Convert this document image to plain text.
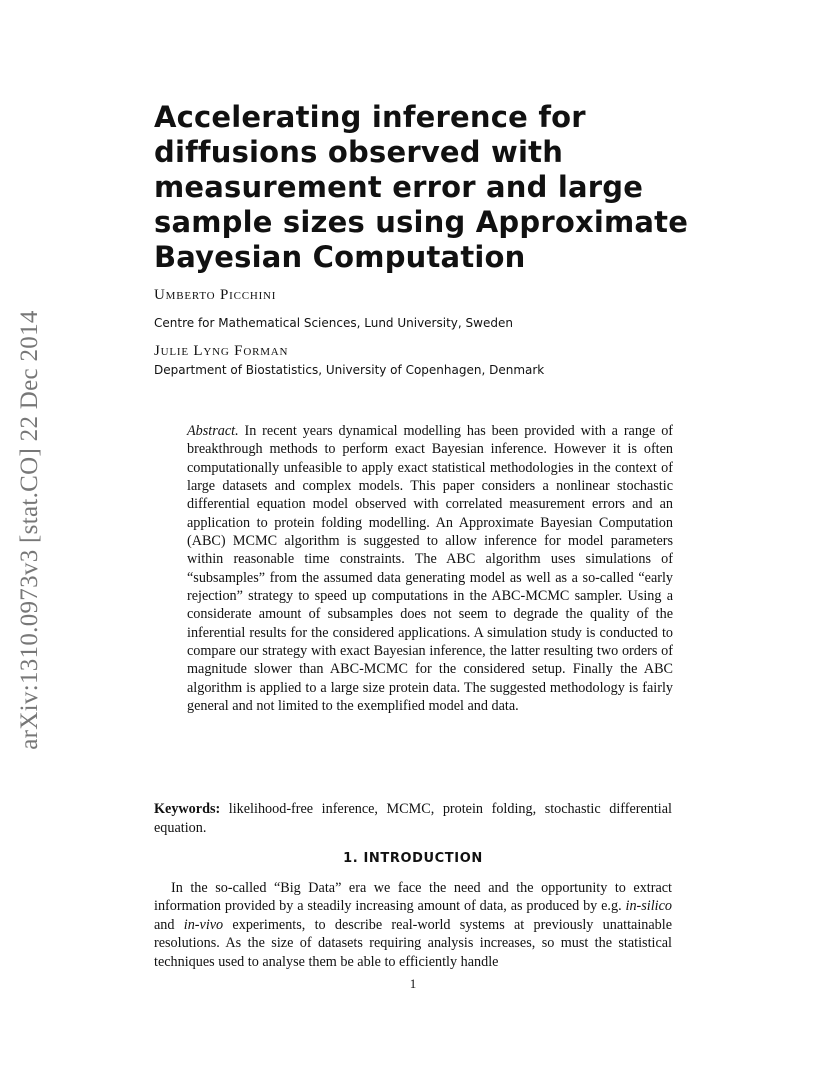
arXiv:1310.0973v3 [stat.CO] 22 Dec 2014
Accelerating inference for
diffusions observed with
measurement error and large
sample sizes using Approximate
Bayesian Computation
Umberto Picchini
Centre for Mathematical Sciences, Lund University, Sweden
Julie Lyng Forman
Department of Biostatistics, University of Copenhagen, Denmark

Abstract. In recent years dynamical modelling has been provided with a range of breakthrough methods to perform exact Bayesian inference. However it is often computationally unfeasible to apply exact statistical methodologies in the context of large datasets and complex models. This paper considers a nonlinear stochastic differential equation model observed with correlated measurement errors and an application to protein folding modelling. An Approximate Bayesian Computation (ABC) MCMC algorithm is suggested to allow inference for model parameters within reasonable time constraints. The ABC algorithm uses simulations of “subsamples” from the assumed data generating model as well as a so-called “early rejection” strategy to speed up computations in the ABC-MCMC sampler. Using a considerate amount of subsamples does not seem to degrade the quality of the inferential results for the considered applications. A simulation study is conducted to compare our strategy with exact Bayesian inference, the latter resulting two orders of magnitude slower than ABC-MCMC for the considered setup. Finally the ABC algorithm is applied to a large size protein data. The suggested methodology is fairly general and not limited to the exemplified model and data.

Keywords: likelihood-free inference, MCMC, protein folding, stochastic differential equation.

1. INTRODUCTION

In the so-called “Big Data” era we face the need and the opportunity to extract information provided by a steadily increasing amount of data, as produced by e.g. in-silico and in-vivo experiments, to describe real-world systems at previously unattainable resolutions. As the size of datasets requiring analysis increases, so must the statistical techniques used to analyse them be able to efficiently handle

1
